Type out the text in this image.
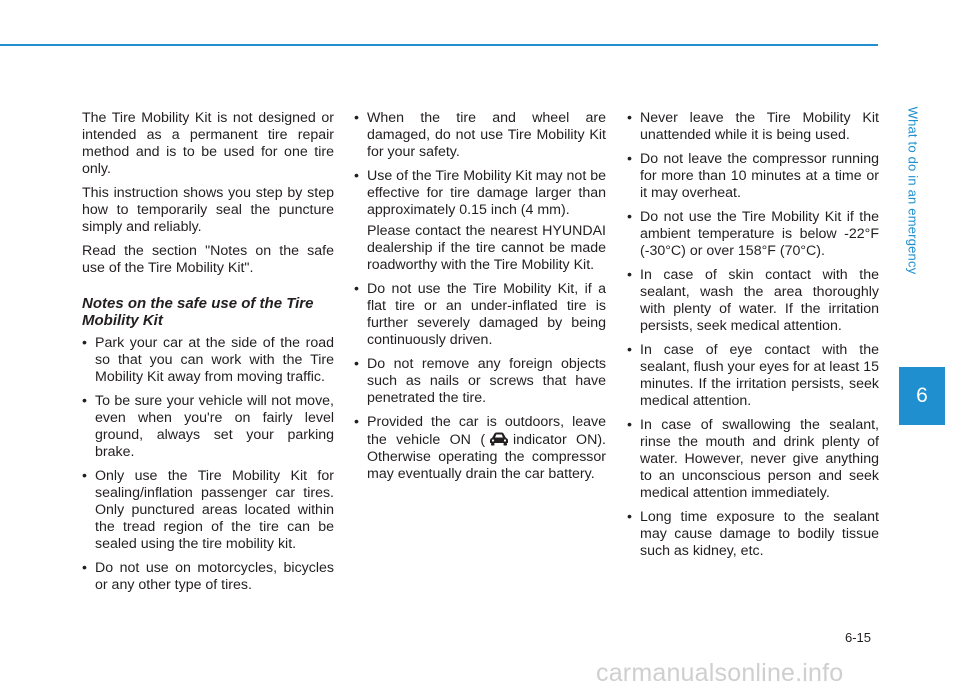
What to do in an emergency
6

The Tire Mobility Kit is not designed or intended as a permanent tire repair method and is to be used for one tire only.

This instruction shows you step by step how to temporarily seal the puncture simply and reliably.

Read the section "Notes on the safe use of the Tire Mobility Kit".

Notes on the safe use of the Tire Mobility Kit
• Park your car at the side of the road so that you can work with the Tire Mobility Kit away from moving traffic.
• To be sure your vehicle will not move, even when you're on fairly level ground, always set your parking brake.
• Only use the Tire Mobility Kit for sealing/inflation passenger car tires. Only punctured areas located within the tread region of the tire can be sealed using the tire mobility kit.
• Do not use on motorcycles, bicycles or any other type of tires.
• When the tire and wheel are damaged, do not use Tire Mobility Kit for your safety.
• Use of the Tire Mobility Kit may not be effective for tire damage larger than approximately 0.15 inch (4 mm).
Please contact the nearest HYUNDAI dealership if the tire cannot be made roadworthy with the Tire Mobility Kit.
• Do not use the Tire Mobility Kit, if a flat tire or an under-inflated tire is further severely damaged by being continuously driven.
• Do not remove any foreign objects such as nails or screws that have penetrated the tire.
• Provided the car is outdoors, leave the vehicle ON ( indicator ON). Otherwise operating the compressor may eventually drain the car battery.
• Never leave the Tire Mobility Kit unattended while it is being used.
• Do not leave the compressor running for more than 10 minutes at a time or it may overheat.
• Do not use the Tire Mobility Kit if the ambient temperature is below -22°F (-30°C) or over 158°F (70°C).
• In case of skin contact with the sealant, wash the area thoroughly with plenty of water. If the irritation persists, seek medical attention.
• In case of eye contact with the sealant, flush your eyes for at least 15 minutes. If the irritation persists, seek medical attention.
• In case of swallowing the sealant, rinse the mouth and drink plenty of water. However, never give anything to an unconscious person and seek medical attention immediately.
• Long time exposure to the sealant may cause damage to bodily tissue such as kidney, etc.
6-15
carmanualsonline.info
